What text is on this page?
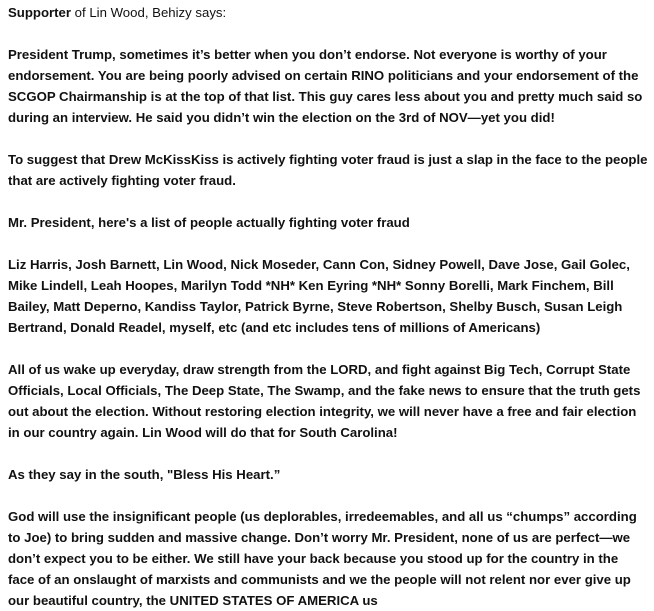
Supporter of Lin Wood, Behizy says:

President Trump, sometimes it’s better when you don’t endorse. Not everyone is worthy of your endorsement. You are being poorly advised on certain RINO politicians and your endorsement of the SCGOP Chairmanship is at the top of that list. This guy cares less about you and pretty much said so during an interview. He said you didn’t win the election on the 3rd of NOV—yet you did!

To suggest that Drew McKissKiss is actively fighting voter fraud is just a slap in the face to the people that are actively fighting voter fraud.

Mr. President, here's a list of people actually fighting voter fraud

Liz Harris, Josh Barnett, Lin Wood, Nick Moseder, Cann Con, Sidney Powell, Dave Jose, Gail Golec, Mike Lindell, Leah Hoopes, Marilyn Todd *NH* Ken Eyring *NH* Sonny Borelli, Mark Finchem, Bill Bailey, Matt Deperno, Kandiss Taylor, Patrick Byrne, Steve Robertson, Shelby Busch, Susan Leigh Bertrand, Donald Readel, myself, etc (and etc includes tens of millions of Americans)

All of us wake up everyday, draw strength from the LORD, and fight against Big Tech, Corrupt State Officials, Local Officials, The Deep State, The Swamp, and the fake news to ensure that the truth gets out about the election. Without restoring election integrity, we will never have a free and fair election in our country again. Lin Wood will do that for South Carolina!

As they say in the south, "Bless His Heart.”

God will use the insignificant people (us deplorables, irredeemables, and all us “chumps” according to Joe) to bring sudden and massive change. Don’t worry Mr. President, none of us are perfect—we don’t expect you to be either. We still have your back because you stood up for the country in the face of an onslaught of marxists and communists and we the people will not relent nor ever give up our beautiful country, the UNITED STATES OF AMERICA us
